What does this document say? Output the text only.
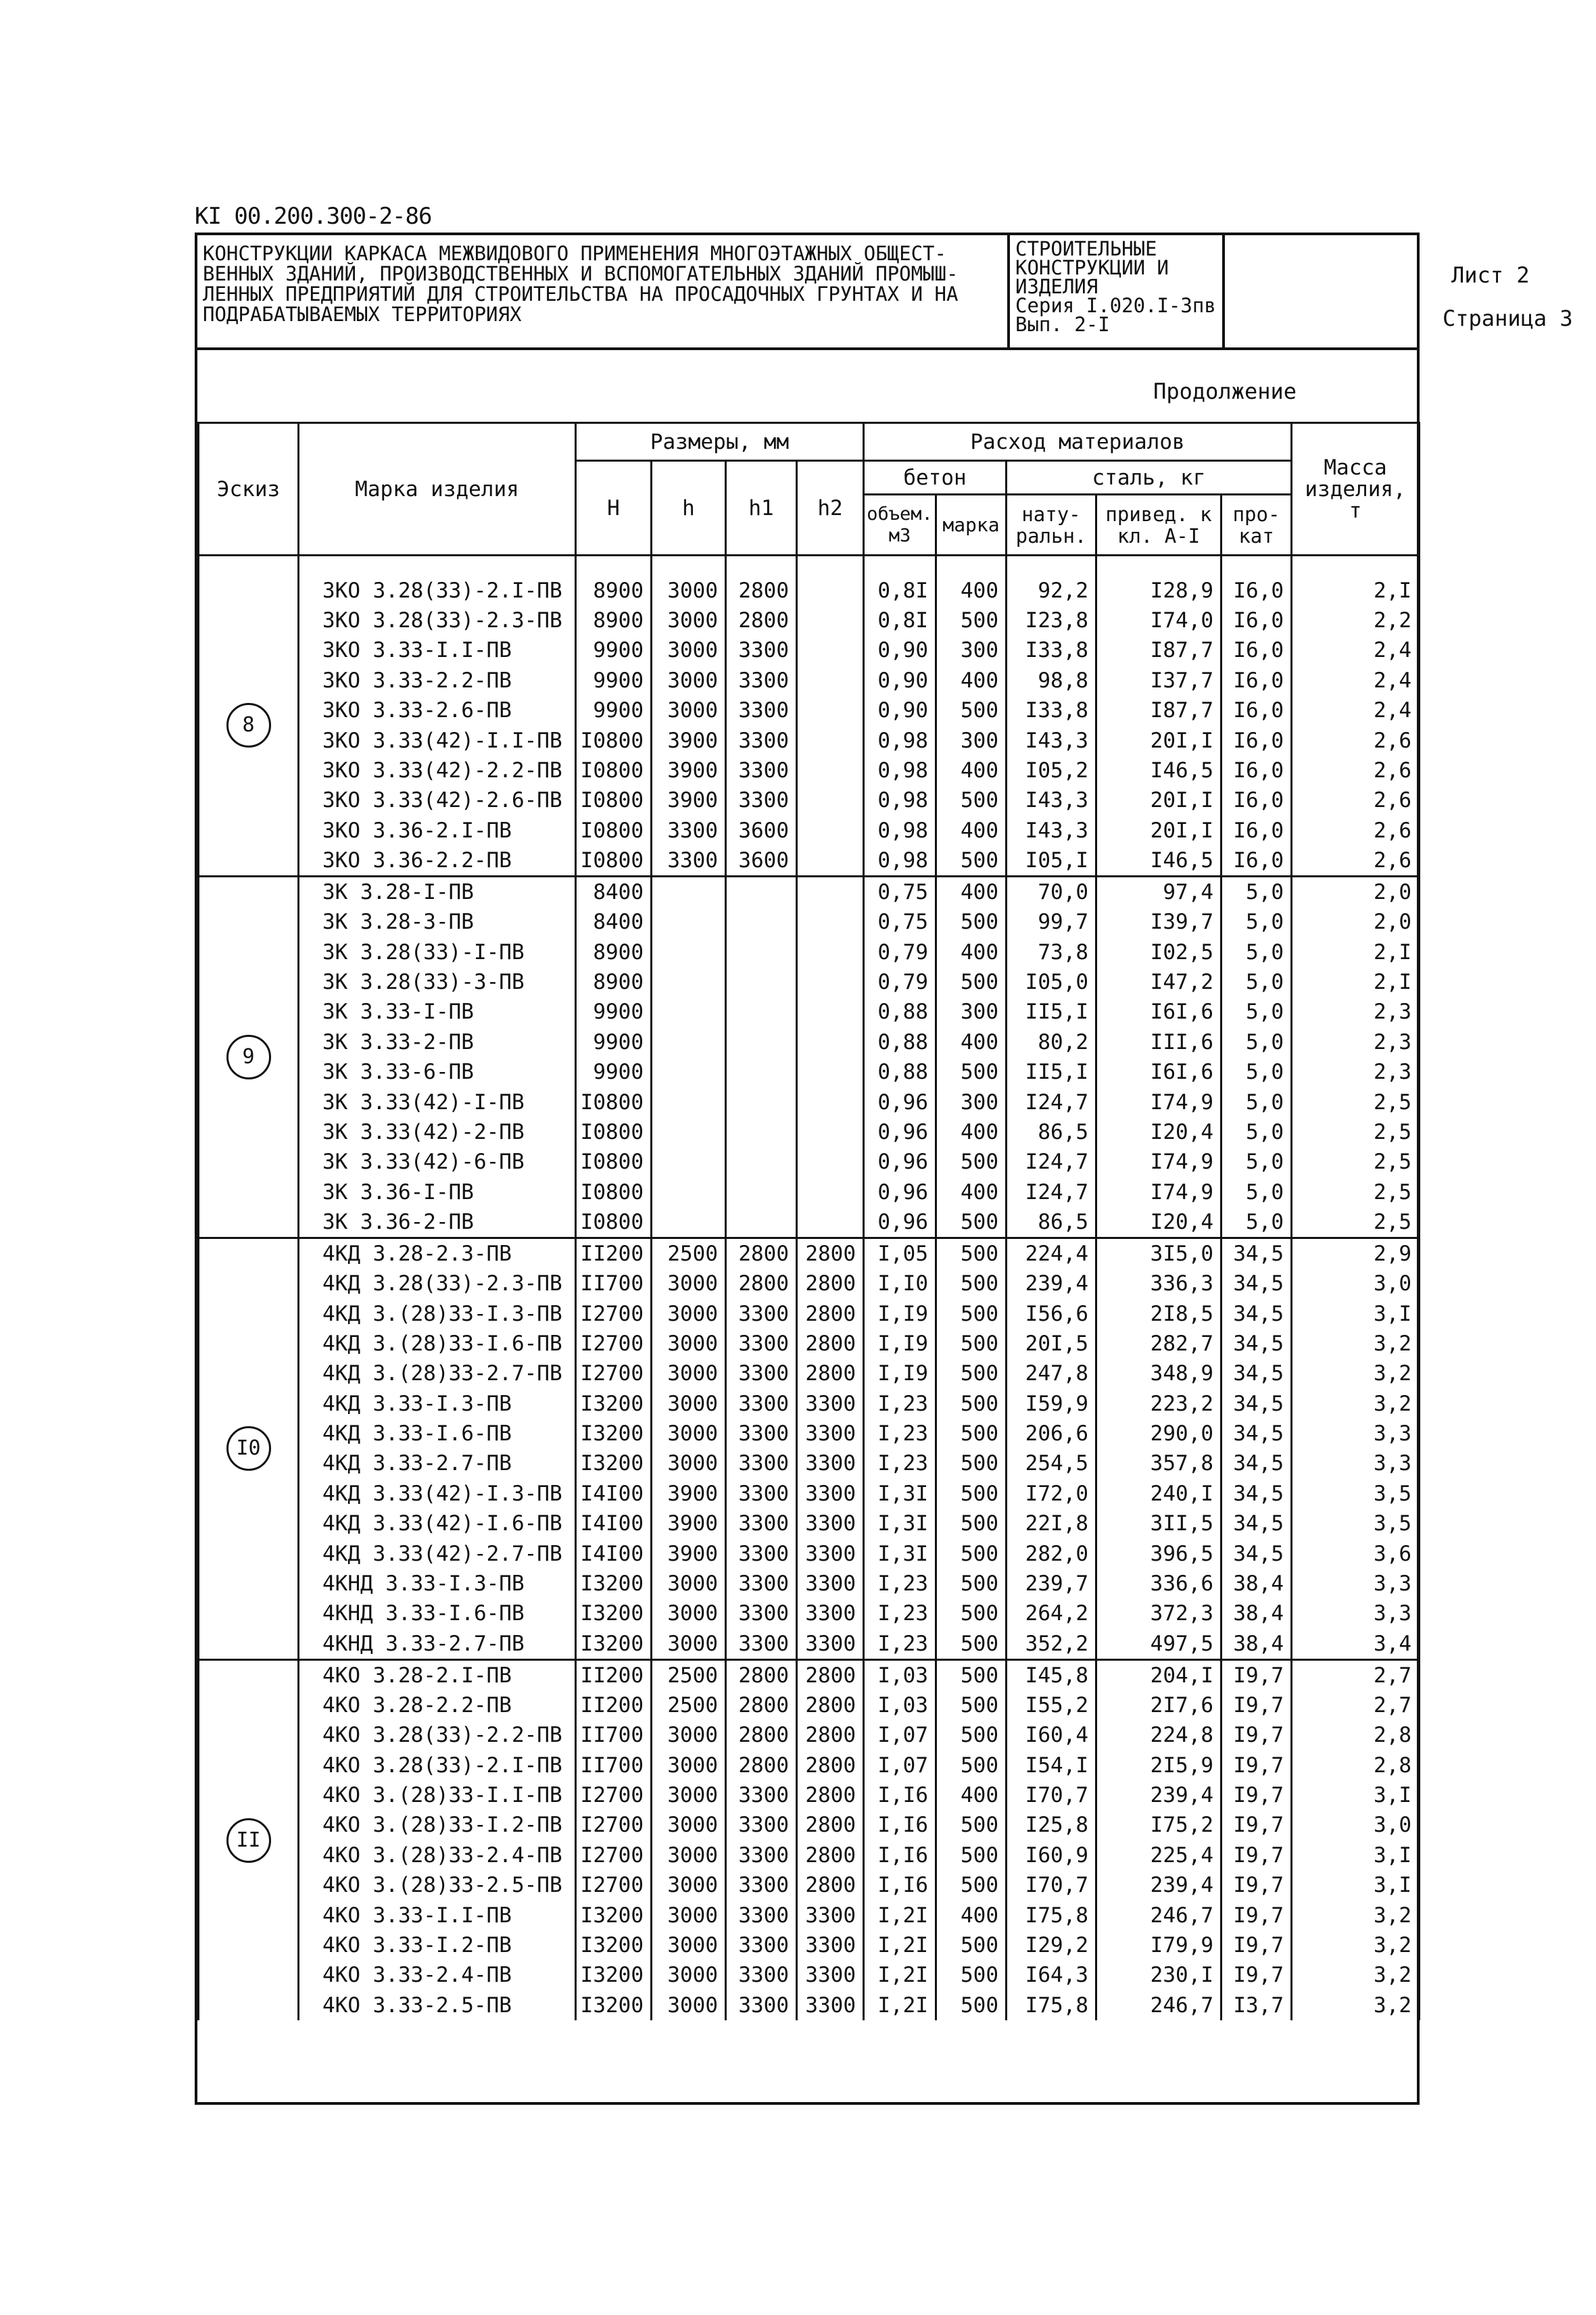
КI 00.200.300-2-86
КОНСТРУКЦИИ КАРКАСА МЕЖВИДОВОГО ПРИМЕНЕНИЯ МНОГОЭТАЖНЫХ ОБЩЕСТ-
ВЕННЫХ ЗДАНИЙ, ПРОИЗВОДСТВЕННЫХ И ВСПОМОГАТЕЛЬНЫХ ЗДАНИЙ ПРОМЫШ-
ЛЕННЫХ ПРЕДПРИЯТИЙ ДЛЯ СТРОИТЕЛЬСТВА НА ПРОСАДОЧНЫХ ГРУНТАХ И НА
ПОДРАБАТЫВАЕМЫХ ТЕРРИТОРИЯХ
СТРОИТЕЛЬНЫЕ
КОНСТРУКЦИИ И
ИЗДЕЛИЯ
Серия I.020.I-3пв
Вып. 2-I
Лист 2
Страница 3
Продолжение
Эскиз	Марка изделия	Размеры, мм				Расход материалов					Масса изделия, т
		Н	h	h1	h2	бетон		сталь, кг			
						объем. м3	марка	нату- ральн.	привед. к кл. А-I	про- кат	

8	3КО 3.28(33)-2.I-ПВ	8900	3000	2800		0,8I	400	92,2	I28,9	I6,0	2,I
	3КО 3.28(33)-2.3-ПВ	8900	3000	2800		0,8I	500	I23,8	I74,0	I6,0	2,2
	3КО 3.33-I.I-ПВ	9900	3000	3300		0,90	300	I33,8	I87,7	I6,0	2,4
	3КО 3.33-2.2-ПВ	9900	3000	3300		0,90	400	98,8	I37,7	I6,0	2,4
	3КО 3.33-2.6-ПВ	9900	3000	3300		0,90	500	I33,8	I87,7	I6,0	2,4
	3КО 3.33(42)-I.I-ПВ	I0800	3900	3300		0,98	300	I43,3	20I,I	I6,0	2,6
	3КО 3.33(42)-2.2-ПВ	I0800	3900	3300		0,98	400	I05,2	I46,5	I6,0	2,6
	3КО 3.33(42)-2.6-ПВ	I0800	3900	3300		0,98	500	I43,3	20I,I	I6,0	2,6
	3КО 3.36-2.I-ПВ	I0800	3300	3600		0,98	400	I43,3	20I,I	I6,0	2,6
	3КО 3.36-2.2-ПВ	I0800	3300	3600		0,98	500	I05,I	I46,5	I6,0	2,6
9	3К 3.28-I-ПВ	8400				0,75	400	70,0	97,4	5,0	2,0
	3К 3.28-3-ПВ	8400				0,75	500	99,7	I39,7	5,0	2,0
	3К 3.28(33)-I-ПВ	8900				0,79	400	73,8	I02,5	5,0	2,I
	3К 3.28(33)-3-ПВ	8900				0,79	500	I05,0	I47,2	5,0	2,I
	3К 3.33-I-ПВ	9900				0,88	300	II5,I	I6I,6	5,0	2,3
	3К 3.33-2-ПВ	9900				0,88	400	80,2	III,6	5,0	2,3
	3К 3.33-6-ПВ	9900				0,88	500	II5,I	I6I,6	5,0	2,3
	3К 3.33(42)-I-ПВ	I0800				0,96	300	I24,7	I74,9	5,0	2,5
	3К 3.33(42)-2-ПВ	I0800				0,96	400	86,5	I20,4	5,0	2,5
	3К 3.33(42)-6-ПВ	I0800				0,96	500	I24,7	I74,9	5,0	2,5
	3К 3.36-I-ПВ	I0800				0,96	400	I24,7	I74,9	5,0	2,5
	3К 3.36-2-ПВ	I0800				0,96	500	86,5	I20,4	5,0	2,5
I0	4КД 3.28-2.3-ПВ	II200	2500	2800	2800	I,05	500	224,4	3I5,0	34,5	2,9
	4КД 3.28(33)-2.3-ПВ	II700	3000	2800	2800	I,I0	500	239,4	336,3	34,5	3,0
	4КД 3.(28)33-I.3-ПВ	I2700	3000	3300	2800	I,I9	500	I56,6	2I8,5	34,5	3,I
	4КД 3.(28)33-I.6-ПВ	I2700	3000	3300	2800	I,I9	500	20I,5	282,7	34,5	3,2
	4КД 3.(28)33-2.7-ПВ	I2700	3000	3300	2800	I,I9	500	247,8	348,9	34,5	3,2
	4КД 3.33-I.3-ПВ	I3200	3000	3300	3300	I,23	500	I59,9	223,2	34,5	3,2
	4КД 3.33-I.6-ПВ	I3200	3000	3300	3300	I,23	500	206,6	290,0	34,5	3,3
	4КД 3.33-2.7-ПВ	I3200	3000	3300	3300	I,23	500	254,5	357,8	34,5	3,3
	4КД 3.33(42)-I.3-ПВ	I4I00	3900	3300	3300	I,3I	500	I72,0	240,I	34,5	3,5
	4КД 3.33(42)-I.6-ПВ	I4I00	3900	3300	3300	I,3I	500	22I,8	3II,5	34,5	3,5
	4КД 3.33(42)-2.7-ПВ	I4I00	3900	3300	3300	I,3I	500	282,0	396,5	34,5	3,6
	4КНД 3.33-I.3-ПВ	I3200	3000	3300	3300	I,23	500	239,7	336,6	38,4	3,3
	4КНД 3.33-I.6-ПВ	I3200	3000	3300	3300	I,23	500	264,2	372,3	38,4	3,3
	4КНД 3.33-2.7-ПВ	I3200	3000	3300	3300	I,23	500	352,2	497,5	38,4	3,4
II	4КО 3.28-2.I-ПВ	II200	2500	2800	2800	I,03	500	I45,8	204,I	I9,7	2,7
	4КО 3.28-2.2-ПВ	II200	2500	2800	2800	I,03	500	I55,2	2I7,6	I9,7	2,7
	4КО 3.28(33)-2.2-ПВ	II700	3000	2800	2800	I,07	500	I60,4	224,8	I9,7	2,8
	4КО 3.28(33)-2.I-ПВ	II700	3000	2800	2800	I,07	500	I54,I	2I5,9	I9,7	2,8
	4КО 3.(28)33-I.I-ПВ	I2700	3000	3300	2800	I,I6	400	I70,7	239,4	I9,7	3,I
	4КО 3.(28)33-I.2-ПВ	I2700	3000	3300	2800	I,I6	500	I25,8	I75,2	I9,7	3,0
	4КО 3.(28)33-2.4-ПВ	I2700	3000	3300	2800	I,I6	500	I60,9	225,4	I9,7	3,I
	4КО 3.(28)33-2.5-ПВ	I2700	3000	3300	2800	I,I6	500	I70,7	239,4	I9,7	3,I
	4КО 3.33-I.I-ПВ	I3200	3000	3300	3300	I,2I	400	I75,8	246,7	I9,7	3,2
	4КО 3.33-I.2-ПВ	I3200	3000	3300	3300	I,2I	500	I29,2	I79,9	I9,7	3,2
	4КО 3.33-2.4-ПВ	I3200	3000	3300	3300	I,2I	500	I64,3	230,I	I9,7	3,2
	4КО 3.33-2.5-ПВ	I3200	3000	3300	3300	I,2I	500	I75,8	246,7	I3,7	3,2
